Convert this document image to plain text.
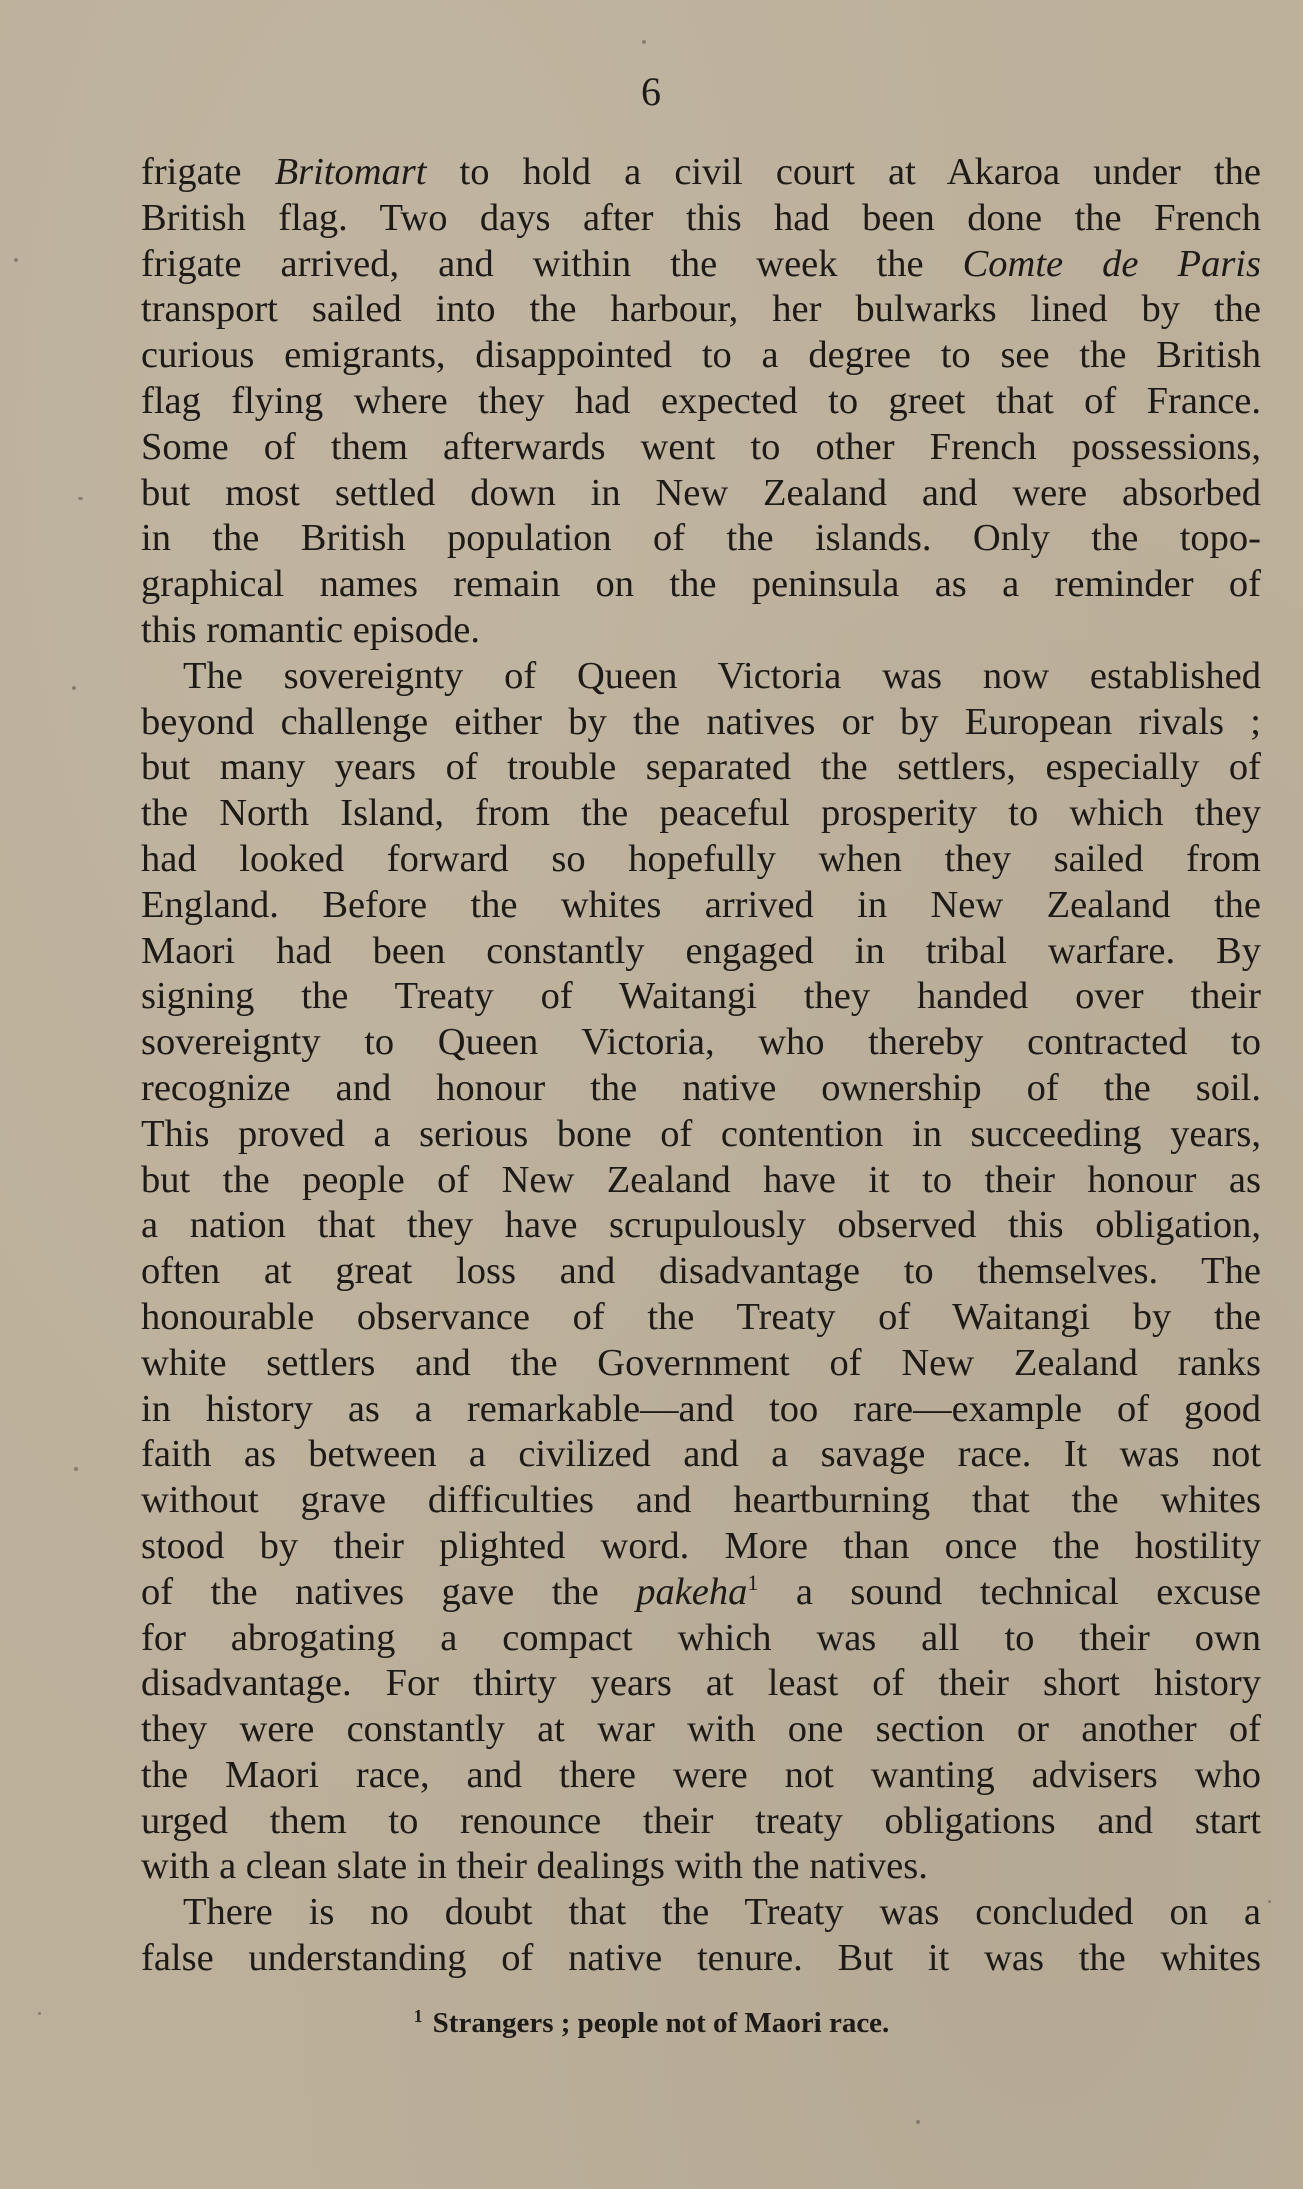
6
frigate Britomart to hold a civil court at Akaroa under the
British flag. Two days after this had been done the French
frigate arrived, and within the week the Comte de Paris
transport sailed into the harbour, her bulwarks lined by the
curious emigrants, disappointed to a degree to see the British
flag flying where they had expected to greet that of France.
Some of them afterwards went to other French possessions,
but most settled down in New Zealand and were absorbed
in the British population of the islands. Only the topo-
graphical names remain on the peninsula as a reminder of
this romantic episode.
The sovereignty of Queen Victoria was now established
beyond challenge either by the natives or by European rivals ;
but many years of trouble separated the settlers, especially of
the North Island, from the peaceful prosperity to which they
had looked forward so hopefully when they sailed from
England. Before the whites arrived in New Zealand the
Maori had been constantly engaged in tribal warfare. By
signing the Treaty of Waitangi they handed over their
sovereignty to Queen Victoria, who thereby contracted to
recognize and honour the native ownership of the soil.
This proved a serious bone of contention in succeeding years,
but the people of New Zealand have it to their honour as
a nation that they have scrupulously observed this obligation,
often at great loss and disadvantage to themselves. The
honourable observance of the Treaty of Waitangi by the
white settlers and the Government of New Zealand ranks
in history as a remarkable—and too rare—example of good
faith as between a civilized and a savage race. It was not
without grave difficulties and heartburning that the whites
stood by their plighted word. More than once the hostility
of the natives gave the pakeha$^1$ a sound technical excuse
for abrogating a compact which was all to their own
disadvantage. For thirty years at least of their short history
they were constantly at war with one section or another of
the Maori race, and there were not wanting advisers who
urged them to renounce their treaty obligations and start
with a clean slate in their dealings with the natives.
There is no doubt that the Treaty was concluded on a
false understanding of native tenure. But it was the whites
$^1$ Strangers ; people not of Maori race.
